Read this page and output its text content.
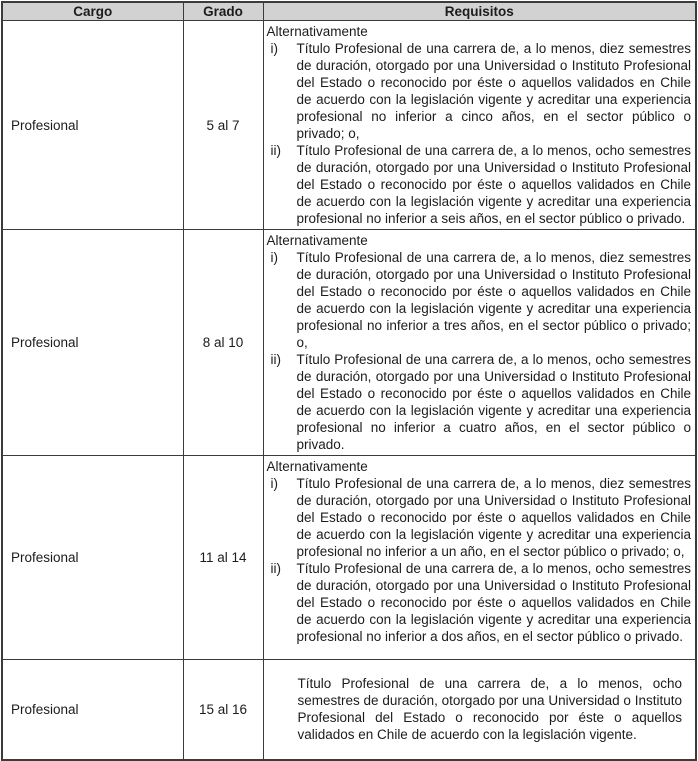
Cargo	Grado	Requisitos
Profesional	5 al 7	Alternativamente
i) Título Profesional de una carrera de, a lo menos, diez semestres de duración, otorgado por una Universidad o Instituto Profesional del Estado o reconocido por éste o aquellos validados en Chile de acuerdo con la legislación vigente y acreditar una experiencia profesional no inferior a cinco años, en el sector público o privado; o,
ii) Título Profesional de una carrera de, a lo menos, ocho semestres de duración, otorgado por una Universidad o Instituto Profesional del Estado o reconocido por éste o aquellos validados en Chile de acuerdo con la legislación vigente y acreditar una experiencia profesional no inferior a seis años, en el sector público o privado.

Profesional	8 al 10	Alternativamente
i) Título Profesional de una carrera de, a lo menos, diez semestres de duración, otorgado por una Universidad o Instituto Profesional del Estado o reconocido por éste o aquellos validados en Chile de acuerdo con la legislación vigente y acreditar una experiencia profesional no inferior a tres años, en el sector público o privado; o,
ii) Título Profesional de una carrera de, a lo menos, ocho semestres de duración, otorgado por una Universidad o Instituto Profesional del Estado o reconocido por éste o aquellos validados en Chile de acuerdo con la legislación vigente y acreditar una experiencia profesional no inferior a cuatro años, en el sector público o privado.

Profesional	11 al 14	Alternativamente
i) Título Profesional de una carrera de, a lo menos, diez semestres de duración, otorgado por una Universidad o Instituto Profesional del Estado o reconocido por éste o aquellos validados en Chile de acuerdo con la legislación vigente y acreditar una experiencia profesional no inferior a un año, en el sector público o privado; o,
ii) Título Profesional de una carrera de, a lo menos, ocho semestres de duración, otorgado por una Universidad o Instituto Profesional del Estado o reconocido por éste o aquellos validados en Chile de acuerdo con la legislación vigente y acreditar una experiencia profesional no inferior a dos años, en el sector público o privado.

Profesional	15 al 16	Título Profesional de una carrera de, a lo menos, ocho semestres de duración, otorgado por una Universidad o Instituto Profesional del Estado o reconocido por éste o aquellos validados en Chile de acuerdo con la legislación vigente.
